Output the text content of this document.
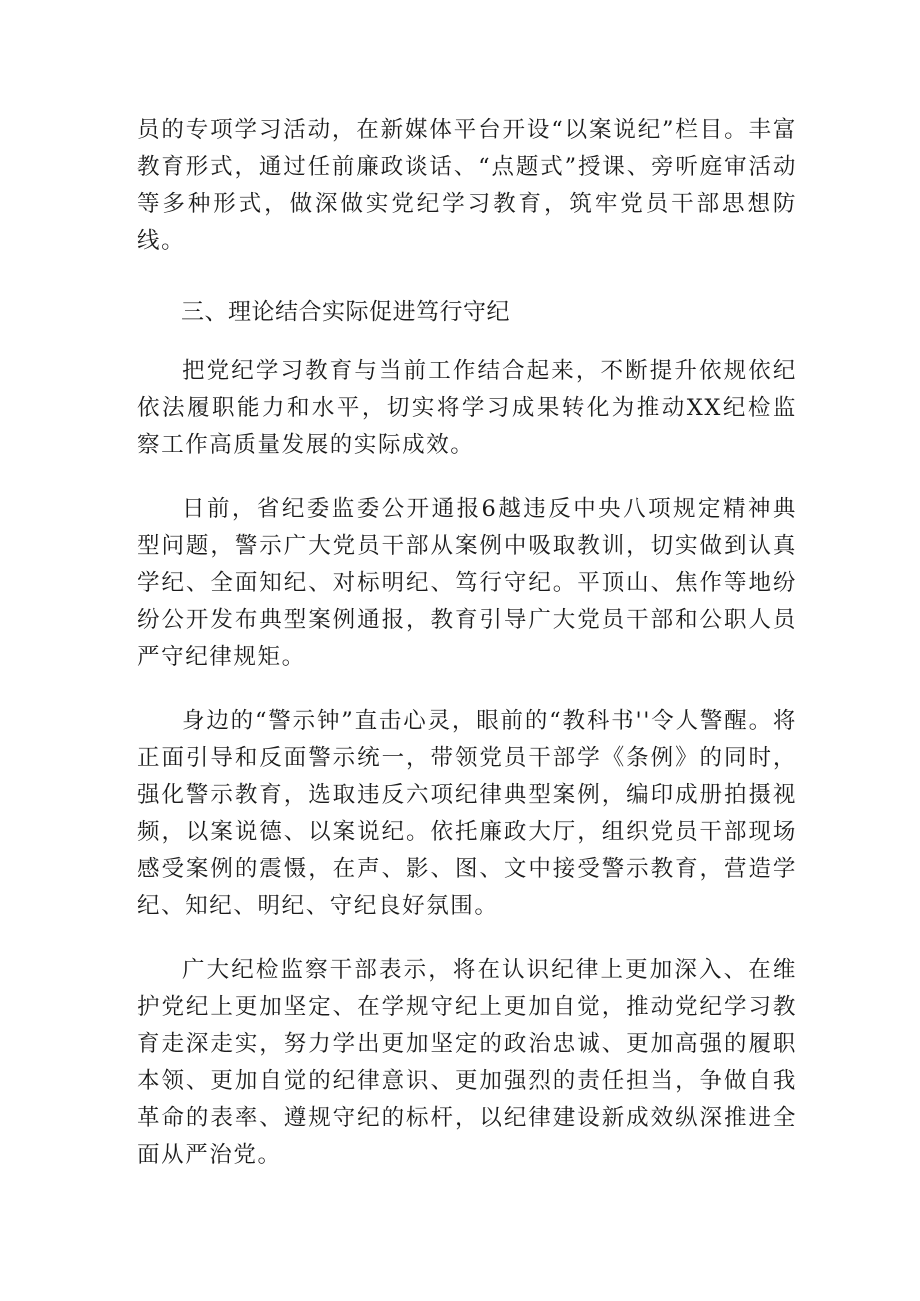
员的专项学习活动，在新媒体平台开设“以案说纪”栏目。丰富教育形式，通过任前廉政谈话、“点题式”授课、旁听庭审活动等多种形式，做深做实党纪学习教育，筑牢党员干部思想防线。

三、理论结合实际促进笃行守纪

把党纪学习教育与当前工作结合起来，不断提升依规依纪依法履职能力和水平，切实将学习成果转化为推动XX纪检监察工作高质量发展的实际成效。

日前，省纪委监委公开通报6越违反中央八项规定精神典型问题，警示广大党员干部从案例中吸取教训，切实做到认真学纪、全面知纪、对标明纪、笃行守纪。平顶山、焦作等地纷纷公开发布典型案例通报，教育引导广大党员干部和公职人员严守纪律规矩。

身边的“警示钟”直击心灵，眼前的“教科书''令人警醒。将正面引导和反面警示统一，带领党员干部学《条例》的同时，强化警示教育，选取违反六项纪律典型案例，编印成册拍摄视频，以案说德、以案说纪。依托廉政大厅，组织党员干部现场感受案例的震慑，在声、影、图、文中接受警示教育，营造学纪、知纪、明纪、守纪良好氛围。

广大纪检监察干部表示，将在认识纪律上更加深入、在维护党纪上更加坚定、在学规守纪上更加自觉，推动党纪学习教育走深走实，努力学出更加坚定的政治忠诚、更加高强的履职本领、更加自觉的纪律意识、更加强烈的责任担当，争做自我革命的表率、遵规守纪的标杆，以纪律建设新成效纵深推进全面从严治党。
